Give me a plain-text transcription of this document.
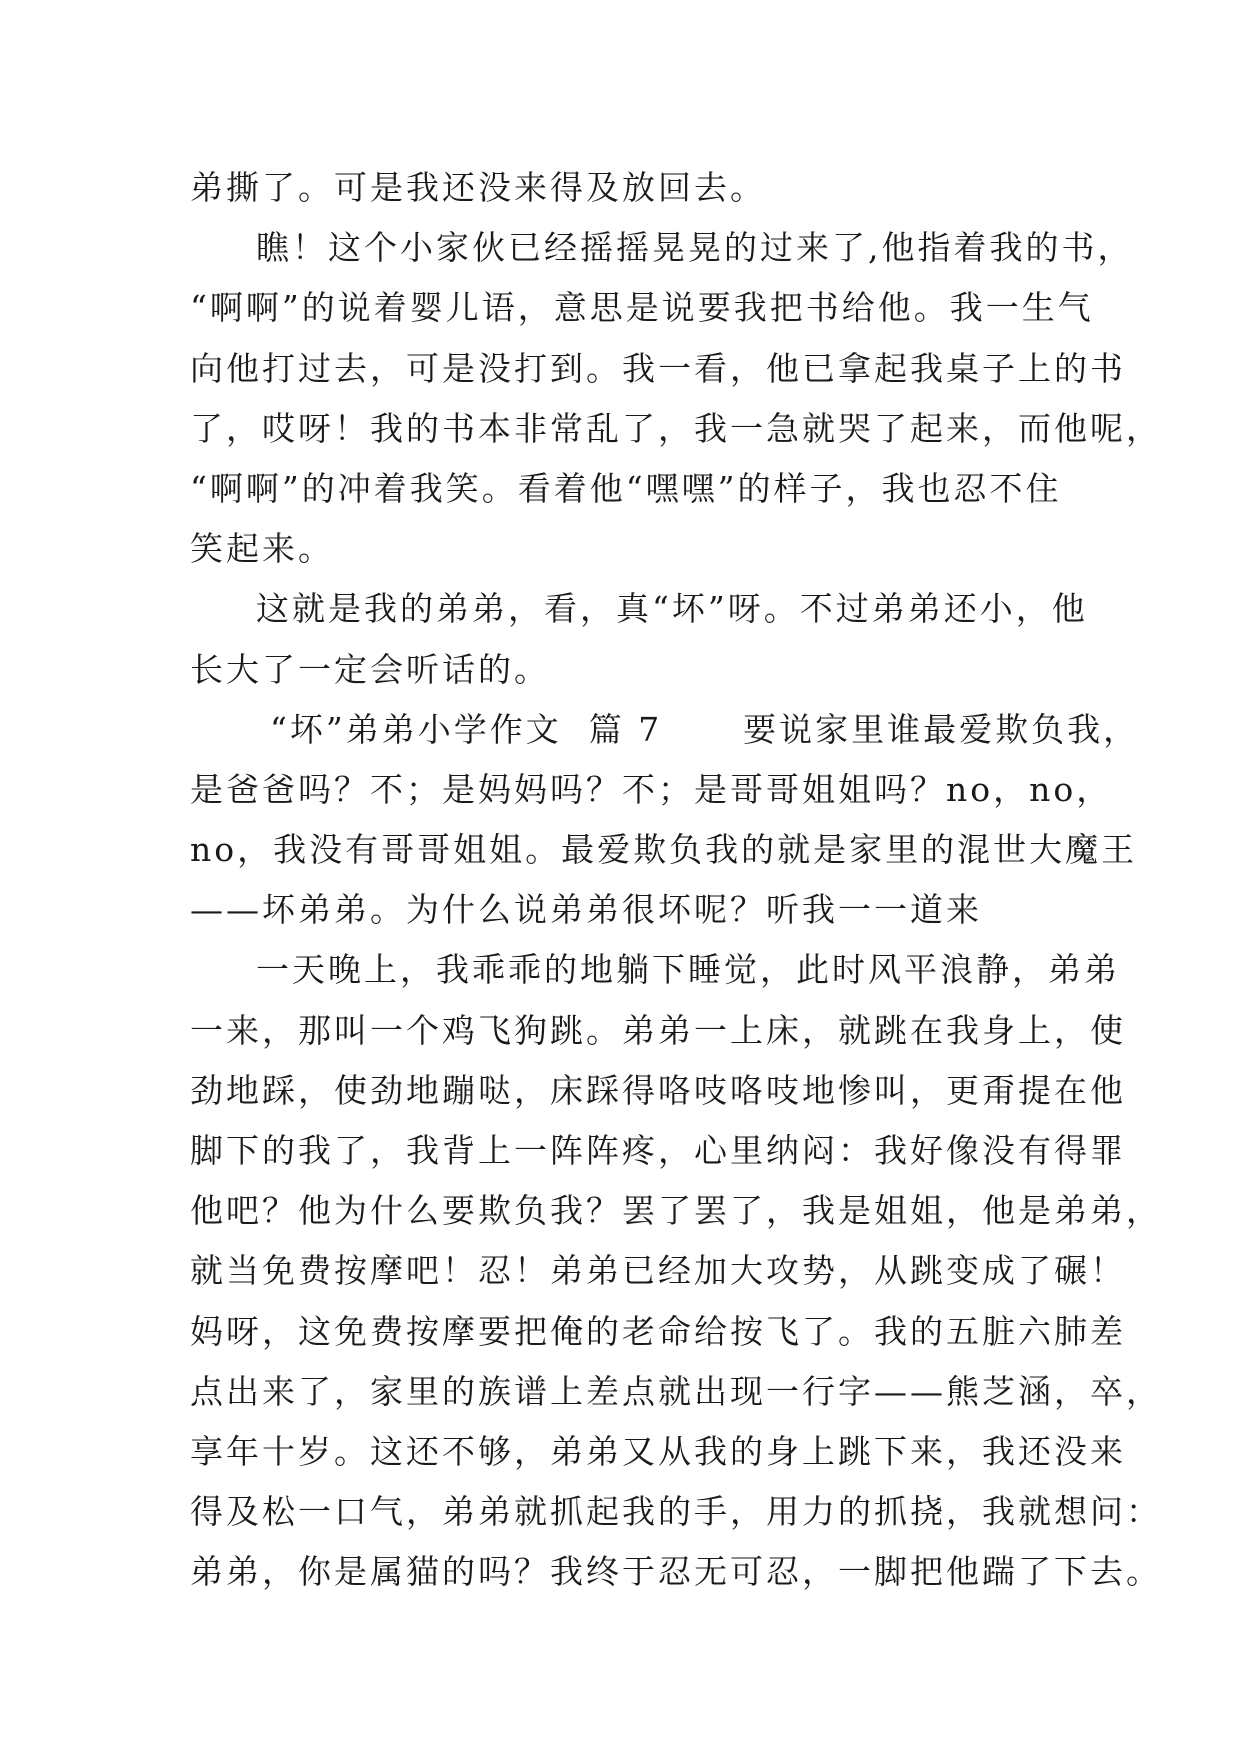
弟撕了。可是我还没来得及放回去。
瞧！这个小家伙已经摇摇晃晃的过来了,他指着我的书，
“啊啊”的说着婴儿语，意思是说要我把书给他。我一生气
向他打过去，可是没打到。我一看，他已拿起我桌子上的书
了，哎呀！我的书本非常乱了，我一急就哭了起来，而他呢，
“啊啊”的冲着我笑。看着他“嘿嘿”的样子，我也忍不住
笑起来。
这就是我的弟弟，看，真“坏”呀。不过弟弟还小，他
长大了一定会听话的。
“坏”弟弟小学作文  篇 7      要说家里谁最爱欺负我，
是爸爸吗？不；是妈妈吗？不；是哥哥姐姐吗？no，no，
no，我没有哥哥姐姐。最爱欺负我的就是家里的混世大魔王
——坏弟弟。为什么说弟弟很坏呢？听我一一道来
一天晚上，我乖乖的地躺下睡觉，此时风平浪静，弟弟
一来，那叫一个鸡飞狗跳。弟弟一上床，就跳在我身上，使
劲地踩，使劲地蹦哒，床踩得咯吱咯吱地惨叫，更甭提在他
脚下的我了，我背上一阵阵疼，心里纳闷：我好像没有得罪
他吧？他为什么要欺负我？罢了罢了，我是姐姐，他是弟弟，
就当免费按摩吧！忍！弟弟已经加大攻势，从跳变成了碾！
妈呀，这免费按摩要把俺的老命给按飞了。我的五脏六肺差
点出来了，家里的族谱上差点就出现一行字——熊芝涵，卒，
享年十岁。这还不够，弟弟又从我的身上跳下来，我还没来
得及松一口气，弟弟就抓起我的手，用力的抓挠，我就想问：
弟弟，你是属猫的吗？我终于忍无可忍，一脚把他踹了下去。
